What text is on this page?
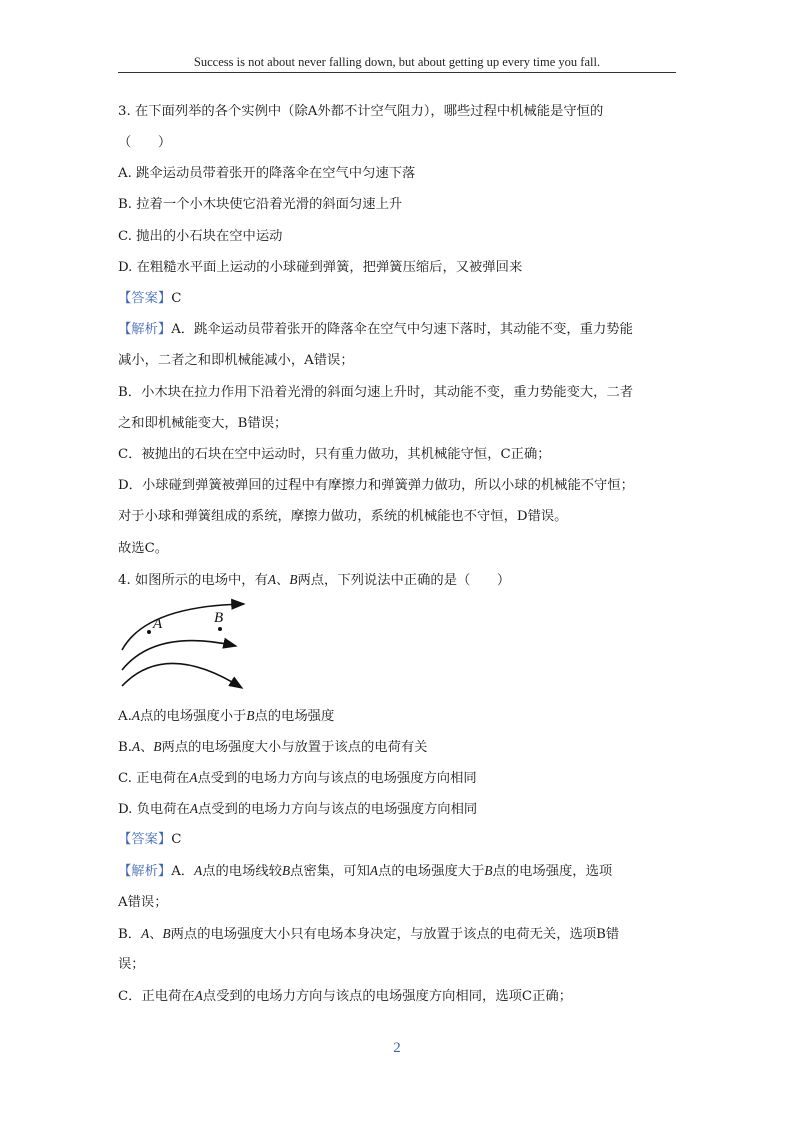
Success is not about never falling down, but about getting up every time you fall.
3. 在下面列举的各个实例中（除A外都不计空气阻力），哪些过程中机械能是守恒的
（　　）
A. 跳伞运动员带着张开的降落伞在空气中匀速下落
B. 拉着一个小木块使它沿着光滑的斜面匀速上升
C. 抛出的小石块在空中运动
D. 在粗糙水平面上运动的小球碰到弹簧，把弹簧压缩后，又被弹回来
【答案】C
【解析】A．跳伞运动员带着张开的降落伞在空气中匀速下落时，其动能不变，重力势能
减小，二者之和即机械能减小，A错误；
B．小木块在拉力作用下沿着光滑的斜面匀速上升时，其动能不变，重力势能变大，二者
之和即机械能变大，B错误；
C．被抛出的石块在空中运动时，只有重力做功，其机械能守恒，C正确；
D．小球碰到弹簧被弹回的过程中有摩擦力和弹簧弹力做功，所以小球的机械能不守恒；
对于小球和弹簧组成的系统，摩擦力做功，系统的机械能也不守恒，D错误。
故选C。
4. 如图所示的电场中，有A、B两点，下列说法中正确的是（　　）
A	B
A.A点的电场强度小于B点的电场强度
B.A、B两点的电场强度大小与放置于该点的电荷有关
C. 正电荷在A点受到的电场力方向与该点的电场强度方向相同
D. 负电荷在A点受到的电场力方向与该点的电场强度方向相同
【答案】C
【解析】A．A点的电场线较B点密集，可知A点的电场强度大于B点的电场强度，选项
A错误；
B．A、B两点的电场强度大小只有电场本身决定，与放置于该点的电荷无关，选项B错
误；
C．正电荷在A点受到的电场力方向与该点的电场强度方向相同，选项C正确；
2
